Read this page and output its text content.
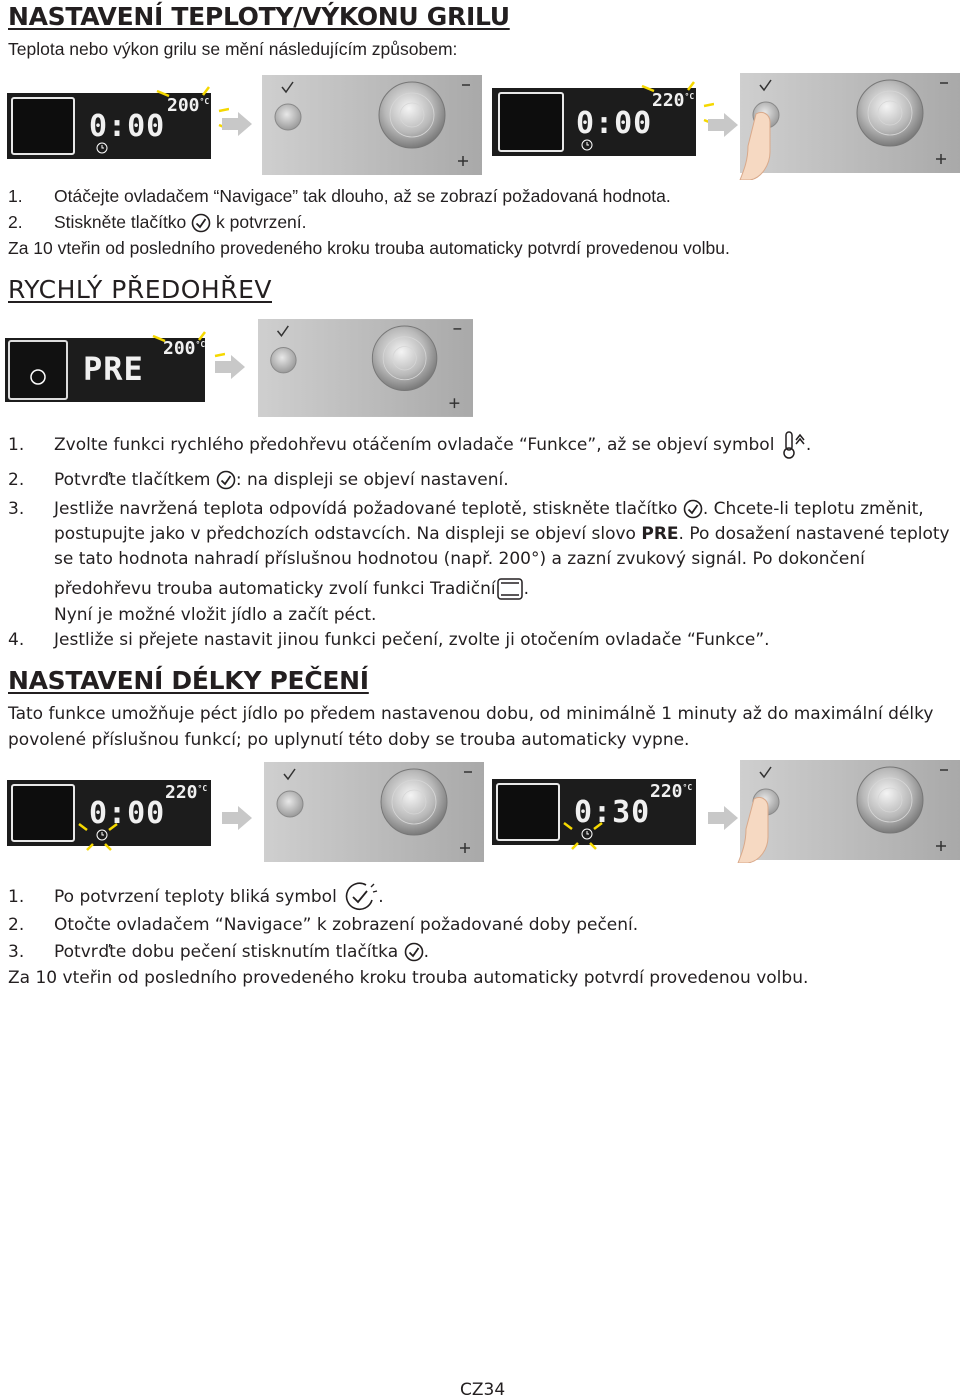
NASTAVENÍ TEPLOTY/VÝKONU GRILU
Teplota nebo výkon grilu se mění následujícím způsobem:
0:00
$200^{^\circ C}$
0:00
$220^{^\circ C}$
1. Otáčejte ovladačem “Navigace” tak dlouho, až se zobrazí požadovaná hodnota.
2. Stiskněte tlačítko k potvrzení.
Za 10 vteřin od posledního provedeného kroku trouba automaticky potvrdí provedenou volbu.
RYCHLÝ PŘEDOHŘEV
PRE
$200^{^\circ C}$
1. Zvolte funkci rychlého předohřevu otáčením ovladače “Funkce”, až se objeví symbol .
2. Potvrďte tlačítkem : na displeji se objeví nastavení.
3. Jestliže navržená teplota odpovídá požadované teplotě, stiskněte tlačítko . Chcete-li teplotu změnit,
postupujte jako v předchozích odstavcích. Na displeji se objeví slovo PRE. Po dosažení nastavené teploty
se tato hodnota nahradí příslušnou hodnotou (např. 200°) a zazní zvukový signál. Po dokončení
předohřevu trouba automaticky zvolí funkci Tradiční .
Nyní je možné vložit jídlo a začít péct.
4. Jestliže si přejete nastavit jinou funkci pečení, zvolte ji otočením ovladače “Funkce”.
NASTAVENÍ DÉLKY PEČENÍ
Tato funkce umožňuje péct jídlo po předem nastavenou dobu, od minimálně 1 minuty až do maximální délky
povolené příslušnou funkcí; po uplynutí této doby se trouba automaticky vypne.
0:00
$220^{^\circ C}$
0:30
$220^{^\circ C}$
1. Po potvrzení teploty bliká symbol .
2. Otočte ovladačem “Navigace” k zobrazení požadované doby pečení.
3. Potvrďte dobu pečení stisknutím tlačítka .
Za 10 vteřin od posledního provedeného kroku trouba automaticky potvrdí provedenou volbu.
CZ34
